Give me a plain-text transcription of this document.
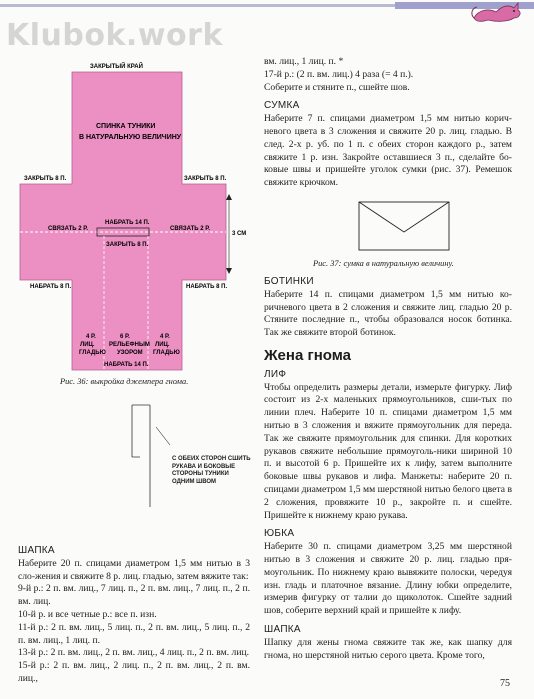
Klubok.work
ЗАКРЫТЫЙ КРАЙ
СПИНКА ТУНИКИ
В НАТУРАЛЬНУЮ ВЕЛИЧИНУ
ЗАКРЫТЬ 8 П.	ЗАКРЫТЬ 8 П.
СВЯЗАТЬ 2 Р.	СВЯЗАТЬ 2 Р.
НАБРАТЬ 14 П.
ЗАКРЫТЬ 8 П.
3 СМ
НАБРАТЬ 8 П.	НАБРАТЬ 8 П.
4 Р. ЛИЦ. ГЛАДЬЮ
6 Р. РЕЛЬЕФНЫМ УЗОРОМ
4 Р. ЛИЦ. ГЛАДЬЮ
НАБРАТЬ 14 П.
Рис. 36: выкройка джемпера гнома.
С ОБЕИХ СТОРОН СШИТЬ РУКАВА И БОКОВЫЕ СТОРОНЫ ТУНИКИ ОДНИМ ШВОМ
ШАПКА
Наберите 20 п. спицами диаметром 1,5 мм нитью в 3 сло-жения и свяжите 8 р. лиц. гладью, затем вяжите так:
9-й р.: 2 п. вм. лиц., 7 лиц. п., 2 п. вм. лиц., 7 лиц. п., 2 п. вм. лиц.
10-й р. и все четные р.: все п. изн.
11-й р.: 2 п. вм. лиц., 5 лиц. п., 2 п. вм. лиц., 5 лиц. п., 2 п. вм. лиц., 1 лиц. п.
13-й р.: 2 п. вм. лиц., 2 п. вм. лиц., 4 лиц. п., 2 п. вм. лиц.
15-й р.: 2 п. вм. лиц., 2 лиц. п., 2 п. вм. лиц., 2 п. вм. лиц.,
вм. лиц., 1 лиц. п. *
17-й р.: (2 п. вм. лиц.) 4 раза (= 4 п.).
Соберите и стяните п., сшейте шов.
СУМКА
Наберите 7 п. спицами диаметром 1,5 мм нитью корич-невого цвета в 3 сложения и свяжите 20 р. лиц. гладью. В след. 2-х р. уб. по 1 п. с обеих сторон каждого р., затем свяжите 1 р. изн. Закройте оставшиеся 3 п., сделайте бо-ковые швы и пришейте уголок сумки (рис. 37). Ремешок свяжите крючком.
Рис. 37: сумка в натуральную величину.
БОТИНКИ
Наберите 14 п. спицами диаметром 1,5 мм нитью ко-ричневого цвета в 2 сложения и свяжите лиц. гладью 20 р. Стяните последние п., чтобы образовался носок ботинка. Так же свяжите второй ботинок.
Жена гнома
ЛИФ
Чтобы определить размеры детали, измерьте фигурку. Лиф состоит из 2-х маленьких прямоугольников, сши-тых по линии плеч. Наберите 10 п. спицами диаметром 1,5 мм нитью в 3 сложения и вяжите прямоугольник для переда. Так же свяжите прямоугольник для спинки. Для коротких рукавов свяжите небольшие прямоуголь-ники шириной 10 п. и высотой 6 р. Пришейте их к лифу, затем выполните боковые швы рукавов и лифа. Манжеты: наберите 20 п. спицами диаметром 1,5 мм шерстяной нитью белого цвета в 2 сложения, провяжите 10 р., закройте п. и сшейте. Пришейте к нижнему краю рукава.
ЮБКА
Наберите 30 п. спицами диаметром 3,25 мм шерстяной нитью в 3 сложения и свяжите 20 р. лиц. гладью пря-моугольник. По нижнему краю вывяжите полоски, чередуя изн. гладь и платочное вязание. Длину юбки определите, измерив фигурку от талии до щиколоток. Сшейте задний шов, соберите верхний край и пришейте к лифу.
ШАПКА
Шапку для жены гнома свяжите так же, как шапку для гнома, но шерстяной нитью серого цвета. Кроме того,
75
